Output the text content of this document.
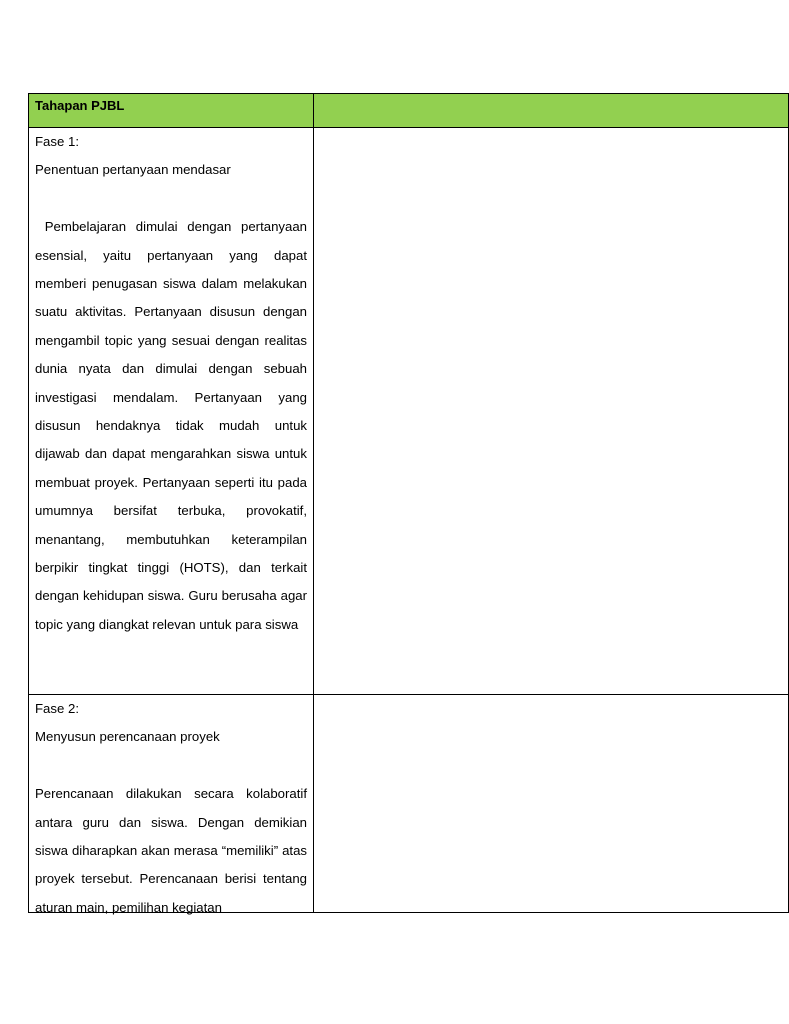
Tahapan PJBL	

Fase 1:
Penentuan pertanyaan mendasar
Pembelajaran dimulai dengan pertanyaan esensial, yaitu pertanyaan yang dapat memberi penugasan siswa dalam melakukan suatu aktivitas. Pertanyaan disusun dengan mengambil topic yang sesuai dengan realitas dunia nyata dan dimulai dengan sebuah investigasi mendalam. Pertanyaan yang disusun hendaknya tidak mudah untuk dijawab dan dapat mengarahkan siswa untuk membuat proyek. Pertanyaan seperti itu pada umumnya bersifat terbuka, provokatif, menantang, membutuhkan keterampilan berpikir tingkat tinggi (HOTS), dan terkait dengan kehidupan siswa. Guru berusaha agar topic yang diangkat relevan untuk para siswa	

Fase 2:
Menyusun perencanaan proyek
Perencanaan dilakukan secara kolaboratif antara guru dan siswa. Dengan demikian siswa diharapkan akan merasa “memiliki” atas proyek tersebut. Perencanaan berisi tentang aturan main, pemilihan kegiatan	
